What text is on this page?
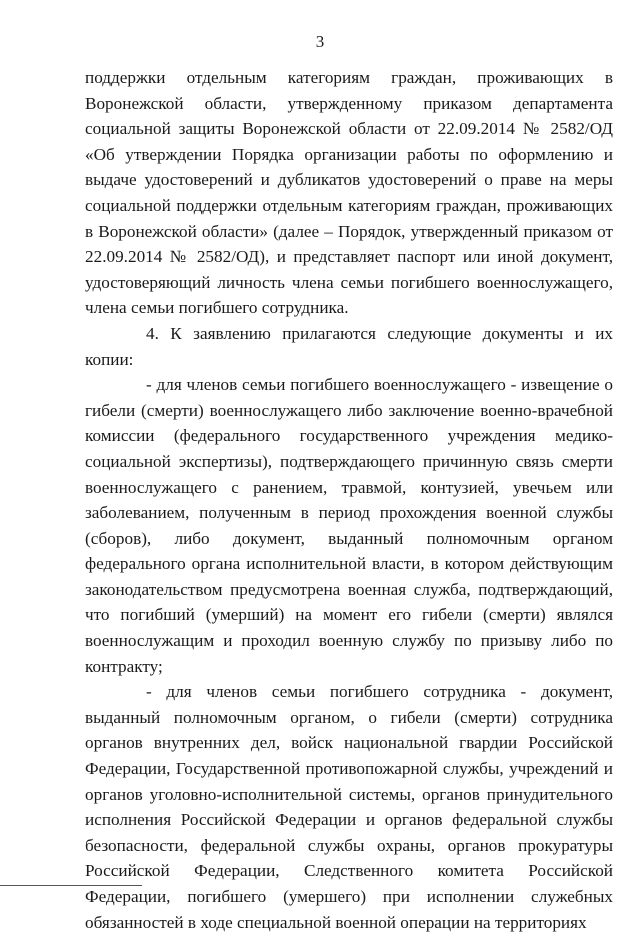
3

поддержки отдельным категориям граждан, проживающих в Воронежской области, утвержденному приказом департамента социальной защиты Воронежской области от 22.09.2014 № 2582/ОД «Об утверждении Порядка организации работы по оформлению и выдаче удостоверений и дубликатов удостоверений о праве на меры социальной поддержки отдельным категориям граждан, проживающих в Воронежской области» (далее – Порядок, утвержденный приказом от 22.09.2014 № 2582/ОД), и представляет паспорт или иной документ, удостоверяющий личность члена семьи погибшего военнослужащего, члена семьи погибшего сотрудника.

4. К заявлению прилагаются следующие документы и их копии:

- для членов семьи погибшего военнослужащего - извещение о гибели (смерти) военнослужащего либо заключение военно-врачебной комиссии (федерального государственного учреждения медико-социальной экспертизы), подтверждающего причинную связь смерти военнослужащего с ранением, травмой, контузией, увечьем или заболеванием, полученным в период прохождения военной службы (сборов), либо документ, выданный полномочным органом федерального органа исполнительной власти, в котором действующим законодательством предусмотрена военная служба, подтверждающий, что погибший (умерший) на момент его гибели (смерти) являлся военнослужащим и проходил военную службу по призыву либо по контракту;

- для членов семьи погибшего сотрудника - документ, выданный полномочным органом, о гибели (смерти) сотрудника органов внутренних дел, войск национальной гвардии Российской Федерации, Государственной противопожарной службы, учреждений и органов уголовно-исполнительной системы, органов принудительного исполнения Российской Федерации и органов федеральной службы безопасности, федеральной службы охраны, органов прокуратуры Российской Федерации, Следственного комитета Российской Федерации, погибшего (умершего) при исполнении служебных обязанностей в ходе специальной военной операции на территориях
